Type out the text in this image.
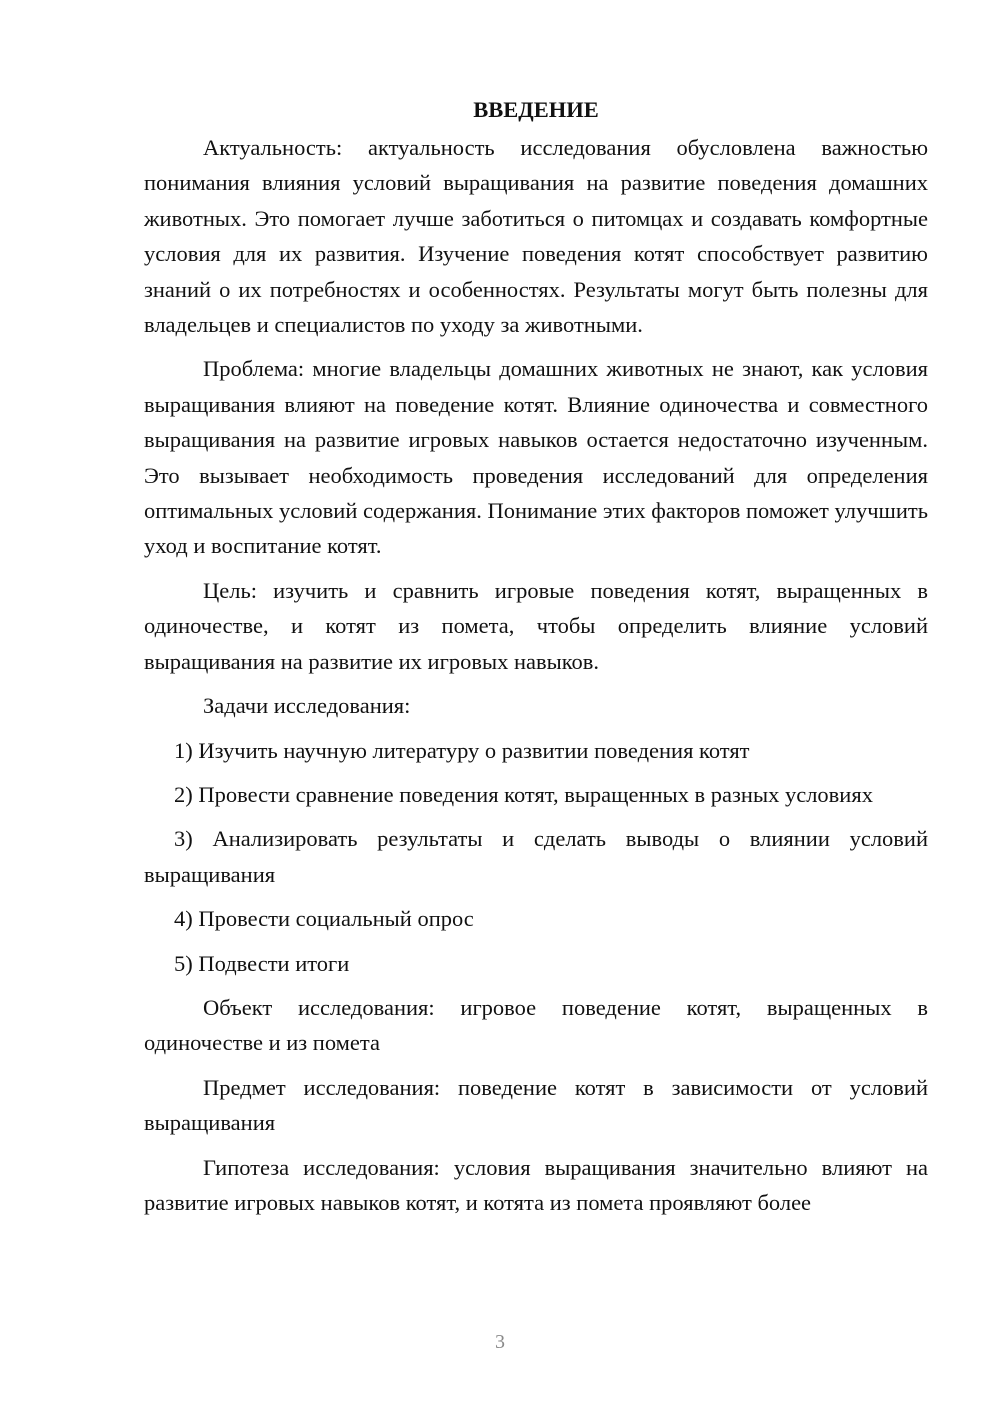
ВВЕДЕНИЕ

Актуальность: актуальность исследования обусловлена важностью понимания влияния условий выращивания на развитие поведения домашних животных. Это помогает лучше заботиться о питомцах и создавать комфортные условия для их развития. Изучение поведения котят способствует развитию знаний о их потребностях и особенностях. Результаты могут быть полезны для владельцев и специалистов по уходу за животными.

Проблема: многие владельцы домашних животных не знают, как условия выращивания влияют на поведение котят. Влияние одиночества и совместного выращивания на развитие игровых навыков остается недостаточно изученным. Это вызывает необходимость проведения исследований для определения оптимальных условий содержания. Понимание этих факторов поможет улучшить уход и воспитание котят.

Цель: изучить и сравнить игровые поведения котят, выращенных в одиночестве, и котят из помета, чтобы определить влияние условий выращивания на развитие их игровых навыков.

Задачи исследования:

1) Изучить научную литературу о развитии поведения котят

2) Провести сравнение поведения котят, выращенных в разных условиях

3) Анализировать результаты и сделать выводы о влиянии условий выращивания

4) Провести социальный опрос

5) Подвести итоги

Объект исследования: игровое поведение котят, выращенных в одиночестве и из помета

Предмет исследования: поведение котят в зависимости от условий выращивания

Гипотеза исследования: условия выращивания значительно влияют на развитие игровых навыков котят, и котята из помета проявляют более

3
